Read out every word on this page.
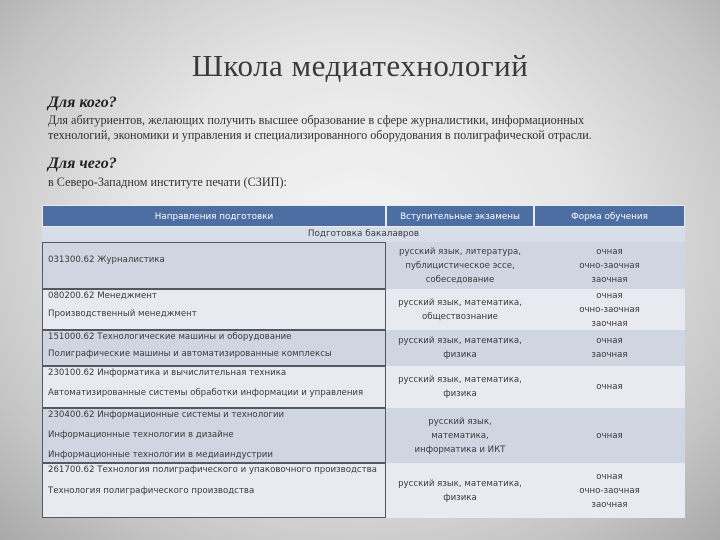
Школа медиатехнологий
Для кого?
Для абитуриентов, желающих получить высшее образование в сфере журналистики, информационных
технологий, экономики и управления и специализированного оборудования в полиграфической отрасли.
Для чего?
в Северо-Западном институте печати (СЗИП):
Направления подготовки	Вступительные экзамены	Форма обучения
Подготовка бакалавров
031300.62 Журналистика
русский язык, литература,
публицистическое эссе,
собеседование
очная
очно-заочная
заочная
080200.62 Менеджмент
Производственный менеджмент
русский язык, математика,
обществознание
очная
очно-заочная
заочная
151000.62 Технологические машины и оборудование
Полиграфические машины и автоматизированные комплексы
русский язык, математика,
физика
очная
заочная
230100.62 Информатика и вычислительная техника
Автоматизированные системы обработки информации и управления
русский язык, математика,
физика
очная
230400.62 Информационные системы и технологии
Информационные технологии в дизайне
Информационные технологии в медиаиндустрии
русский язык,
математика,
информатика и ИКТ
очная
261700.62 Технология полиграфического и упаковочного производства
Технология полиграфического производства
русский язык, математика,
физика
очная
очно-заочная
заочная
